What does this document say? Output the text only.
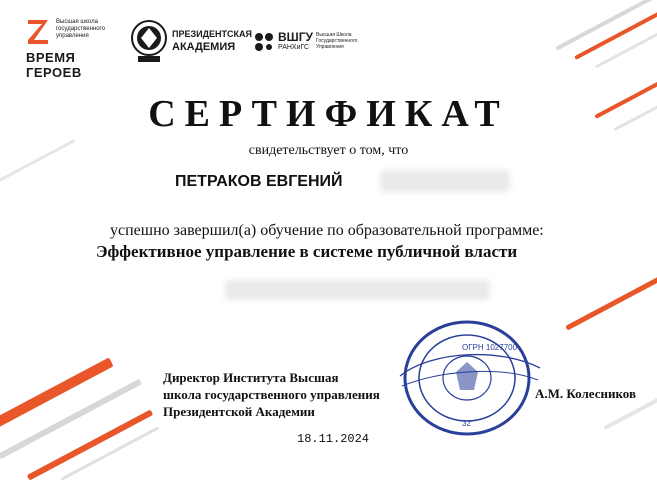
Высшая школа государственного управления
ВРЕМЯ ГЕРОЕВ
ПРЕЗИДЕНТСКАЯ
АКАДЕМИЯ
ВШГУ
РАНХиГС
Высшая Школа Государственного Управления
СЕРТИФИКАТ
свидетельствует о том, что
ПЕТРАКОВ ЕВГЕНИЙ
успешно завершил(а) обучение по образовательной программе:
Эффективное управление в системе публичной власти
ОГРН 1027700
32
Директор Института Высшая
школа государственного управления
Президентской Академии
А.М. Колесников
18.11.2024
